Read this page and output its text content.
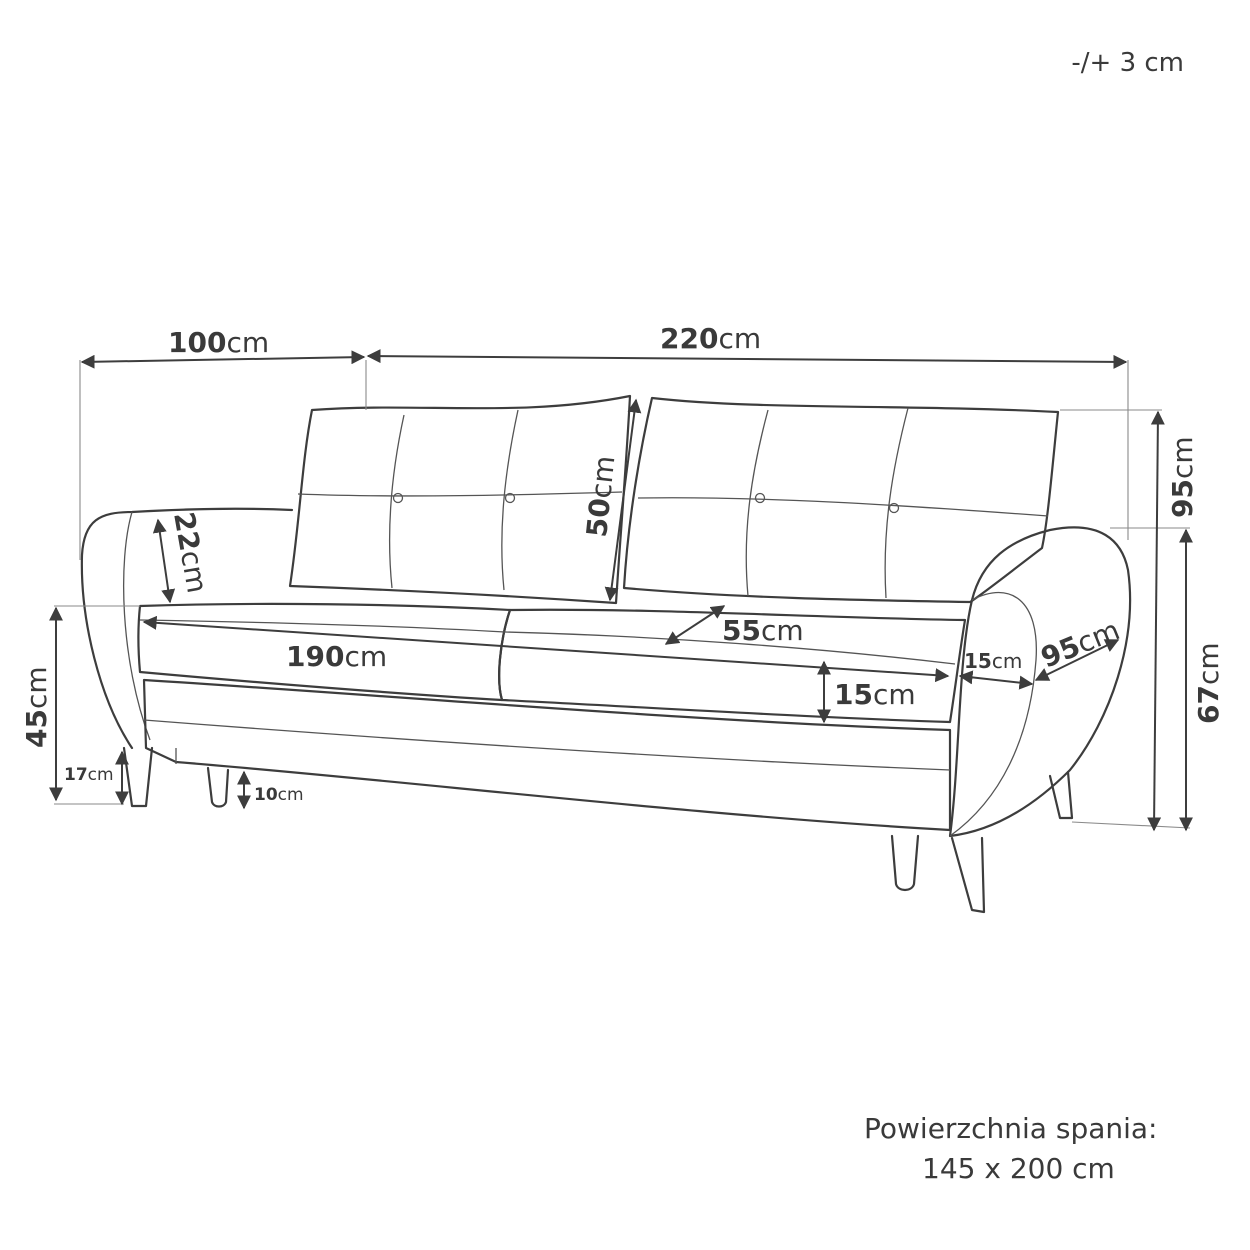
100cm	220cm
95cm
67cm
45cm
17cm
10cm
22cm
50cm
190cm
55cm
15cm
15cm 95cm
-/+ 3 cm
Powierzchnia spania:
145 x 200 cm
